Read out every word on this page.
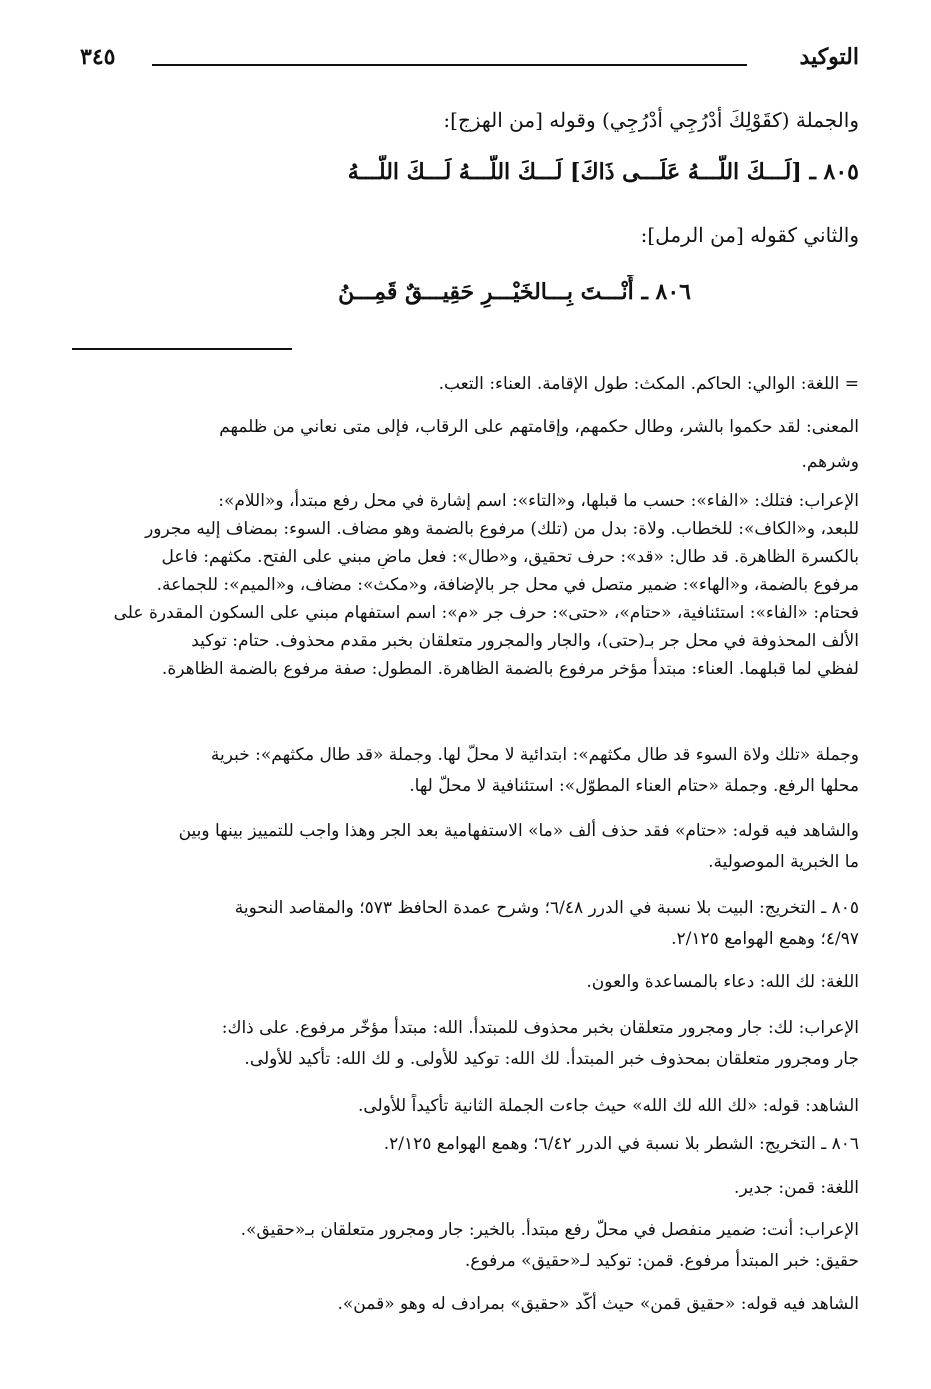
التوكيد
٣٤٥
والجملة (كقَوْلِكَ أدْرُجِي أدْرُجِي) وقوله [من الهزج]:
٨٠٥ ـ [لَـــكَ اللّـــهُ عَلَـــى ذَاكَ] لَـــكَ اللّـــهُ لَـــكَ اللّـــهُ
والثاني كقوله [من الرمل]:
٨٠٦ ـ أَنْـــتَ بِـــالخَيْـــرِ حَقِيـــقٌ قَمِـــنُ
= اللغة: الوالي: الحاكم. المكث: طول الإقامة. العناء: التعب.
المعنى: لقد حكموا بالشر، وطال حكمهم، وإقامتهم على الرقاب، فإلى متى نعاني من ظلمهم
وشرهم.
الإعراب: فتلك: «الفاء»: حسب ما قبلها، و«التاء»: اسم إشارة في محل رفع مبتدأ، و«اللام»:
للبعد، و«الكاف»: للخطاب. ولاة: بدل من (تلك) مرفوع بالضمة وهو مضاف. السوء: بمضاف إليه مجرور
بالكسرة الظاهرة. قد طال: «قد»: حرف تحقيق، و«طال»: فعل ماضٍ مبني على الفتح. مكثهم: فاعل
مرفوع بالضمة، و«الهاء»: ضمير متصل في محل جر بالإضافة، و«مكث»: مضاف، و«الميم»: للجماعة.
فحتام: «الفاء»: استئنافية، «حتام»، «حتى»: حرف جر «م»: اسم استفهام مبني على السكون المقدرة على
الألف المحذوفة في محل جر بـ(حتى)، والجار والمجرور متعلقان بخبر مقدم محذوف. حتام: توكيد
لفظي لما قبلهما. العناء: مبتدأ مؤخر مرفوع بالضمة الظاهرة. المطول: صفة مرفوع بالضمة الظاهرة.
وجملة «تلك ولاة السوء قد طال مكثهم»: ابتدائية لا محلّ لها. وجملة «قد طال مكثهم»: خبرية
محلها الرفع. وجملة «حتام العناء المطوّل»: استئنافية لا محلّ لها.
والشاهد فيه قوله: «حتام» فقد حذف ألف «ما» الاستفهامية بعد الجر وهذا واجب للتمييز بينها وبين
ما الخبرية الموصولية.
٨٠٥ ـ التخريج: البيت بلا نسبة في الدرر ٦/٤٨؛ وشرح عمدة الحافظ ٥٧٣؛ والمقاصد النحوية
٤/٩٧؛ وهمع الهوامع ٢/١٢٥.
اللغة: لك الله: دعاء بالمساعدة والعون.
الإعراب: لك: جار ومجرور متعلقان بخبر محذوف للمبتدأ. الله: مبتدأ مؤخّر مرفوع. على ذاك:
جار ومجرور متعلقان بمحذوف خبر المبتدأ. لك الله: توكيد للأولى. و لك الله: تأكيد للأولى.
الشاهد: قوله: «لك الله لك الله» حيث جاءت الجملة الثانية تأكيداً للأولى.
٨٠٦ ـ التخريج: الشطر بلا نسبة في الدرر ٦/٤٢؛ وهمع الهوامع ٢/١٢٥.
اللغة: قمن: جدير.
الإعراب: أنت: ضمير منفصل في محلّ رفع مبتدأ. بالخير: جار ومجرور متعلقان بـ«حقيق».
حقيق: خبر المبتدأ مرفوع. قمن: توكيد لـ«حقيق» مرفوع.
الشاهد فيه قوله: «حقيق قمن» حيث أكّد «حقيق» بمرادف له وهو «قمن».
